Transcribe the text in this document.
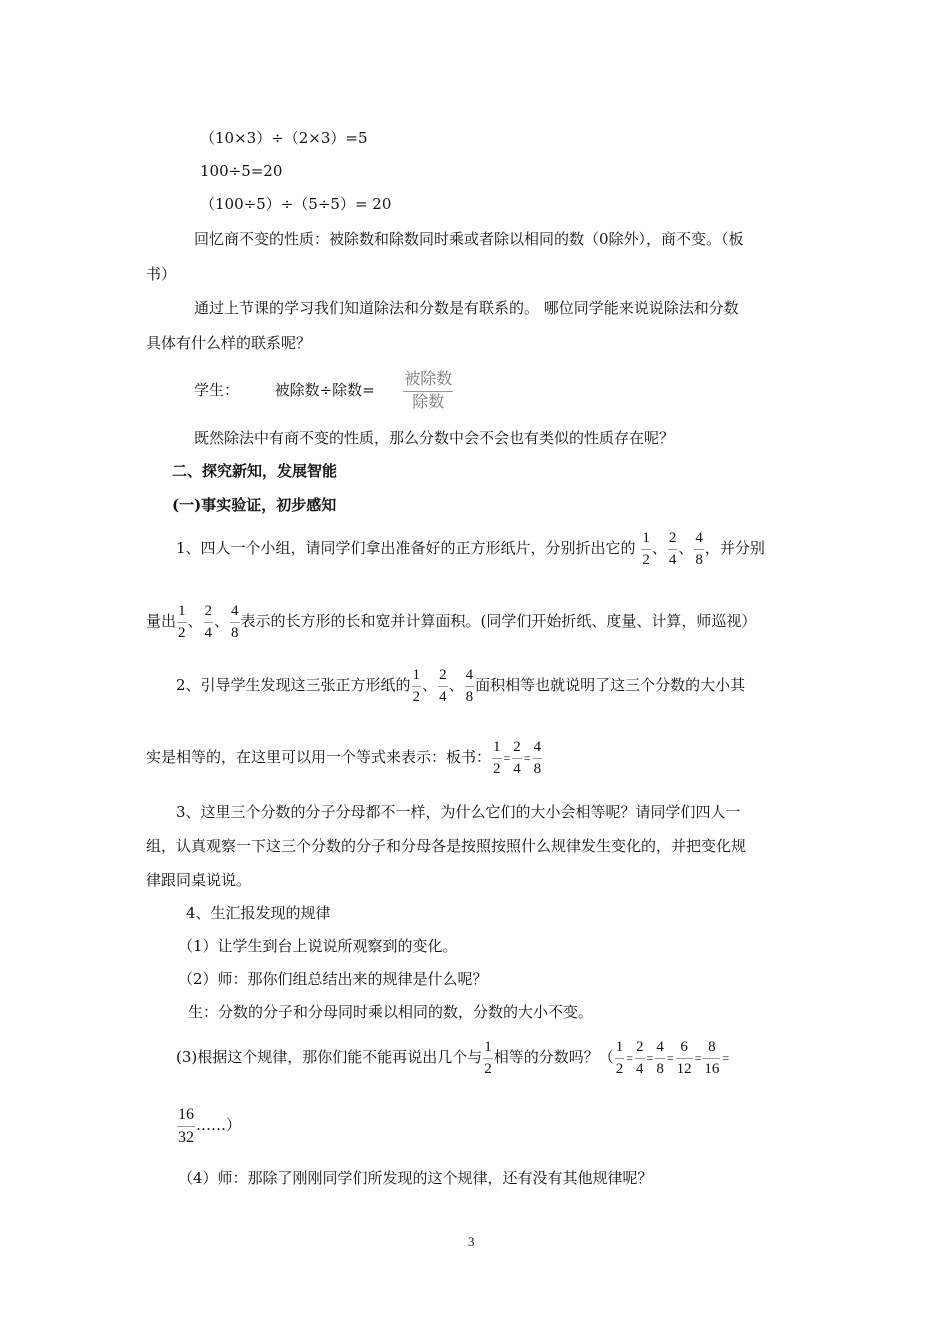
（10×3）÷（2×3）=5
100÷5=20
（100÷5）÷（5÷5）= 20
回忆商不变的性质：被除数和除数同时乘或者除以相同的数（0除外），商不变。（板
书）
通过上节课的学习我们知道除法和分数是有联系的。 哪位同学能来说说除法和分数
具体有什么样的联系呢？
学生： 被除数÷除数= $\frac{\text{被除数}}{\text{除数}}$
既然除法中有商不变的性质，那么分数中会不会也有类似的性质存在呢？
二、探究新知，发展智能
(一)事实验证，初步感知
1、四人一个小组，请同学们拿出准备好的正方形纸片，分别折出它的 $\frac{1}{2}$ 、 $\frac{2}{4}$ 、 $\frac{4}{8}$ ，并分别
量出 $\frac{1}{2}$ 、 $\frac{2}{4}$ 、 $\frac{4}{8}$ 表示的长方形的长和宽并计算面积。(同学们开始折纸、度量、计算，师巡视）
2、引导学生发现这三张正方形纸的 $\frac{1}{2}$ 、 $\frac{2}{4}$ 、 $\frac{4}{8}$ 面积相等也就说明了这三个分数的大小其
实是相等的，在这里可以用一个等式来表示：板书： $\frac{1}{2} = \frac{2}{4} = \frac{4}{8}$
3、这里三个分数的分子分母都不一样，为什么它们的大小会相等呢？请同学们四人一
组，认真观察一下这三个分数的分子和分母各是按照按照什么规律发生变化的，并把变化规
律跟同桌说说。
4、生汇报发现的规律
（1）让学生到台上说说所观察到的变化。
（2）师：那你们组总结出来的规律是什么呢？
生：分数的分子和分母同时乘以相同的数，分数的大小不变。
(3)根据这个规律，那你们能不能再说出几个与 $\frac{1}{2}$ 相等的分数吗？（ $\frac{1}{2} = \frac{2}{4} = \frac{4}{8} = \frac{6}{12} = \frac{8}{16}$ =
$\frac{16}{32}$ ……）
（4）师：那除了刚刚同学们所发现的这个规律，还有没有其他规律呢？
3
